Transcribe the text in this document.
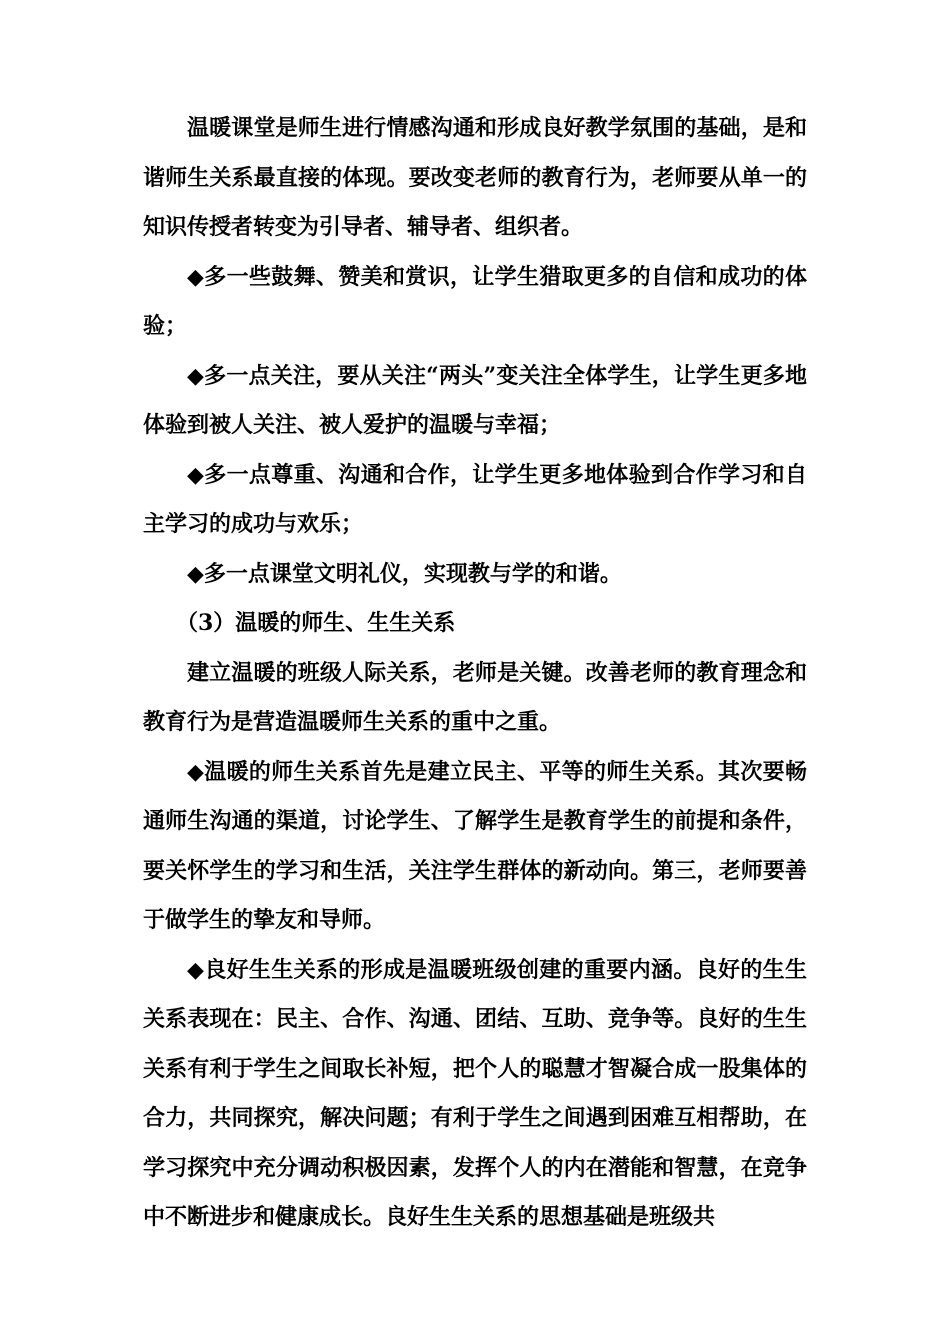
温暖课堂是师生进行情感沟通和形成良好教学氛围的基础，是和谐师生关系最直接的体现。要改变老师的教育行为，老师要从单一的知识传授者转变为引导者、辅导者、组织者。

◆多一些鼓舞、赞美和赏识，让学生猎取更多的自信和成功的体验；

◆多一点关注，要从关注“两头”变关注全体学生，让学生更多地体验到被人关注、被人爱护的温暖与幸福；

◆多一点尊重、沟通和合作，让学生更多地体验到合作学习和自主学习的成功与欢乐；

◆多一点课堂文明礼仪，实现教与学的和谐。

（3）温暖的师生、生生关系

建立温暖的班级人际关系，老师是关键。改善老师的教育理念和教育行为是营造温暖师生关系的重中之重。

◆温暖的师生关系首先是建立民主、平等的师生关系。其次要畅通师生沟通的渠道，讨论学生、了解学生是教育学生的前提和条件，要关怀学生的学习和生活，关注学生群体的新动向。第三，老师要善于做学生的挚友和导师。

◆良好生生关系的形成是温暖班级创建的重要内涵。良好的生生关系表现在：民主、合作、沟通、团结、互助、竞争等。良好的生生关系有利于学生之间取长补短，把个人的聪慧才智凝合成一股集体的合力，共同探究，解决问题；有利于学生之间遇到困难互相帮助，在学习探究中充分调动积极因素，发挥个人的内在潜能和智慧，在竞争中不断进步和健康成长。良好生生关系的思想基础是班级共
